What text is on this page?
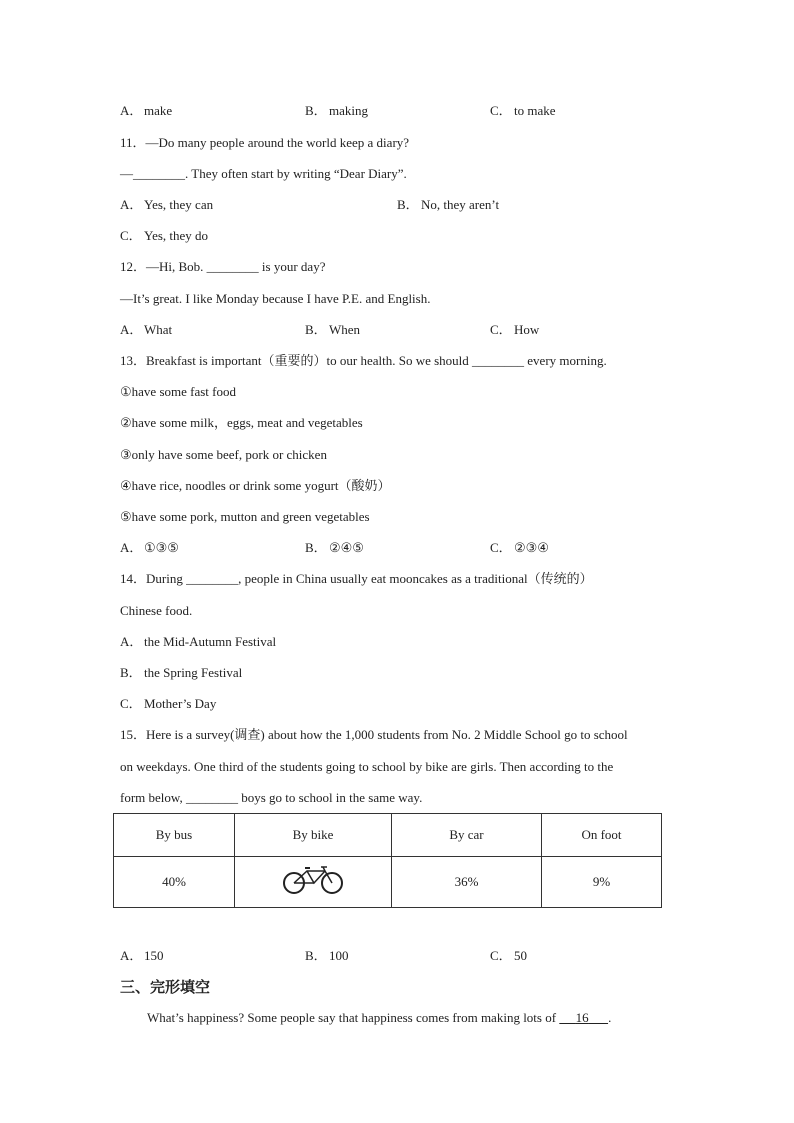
A． make	B． making	C． to make
11．—Do many people around the world keep a diary?
—________. They often start by writing “Dear Diary”.
A． Yes, they can	B． No, they aren’t
C． Yes, they do
12．—Hi, Bob. ________ is your day?
—It’s great. I like Monday because I have P.E. and English.
A． What	B． When	C． How
13．Breakfast is important（重要的）to our health. So we should ________ every morning.
①have some fast food
②have some milk，eggs, meat and vegetables
③only have some beef, pork or chicken
④have rice, noodles or drink some yogurt（酸奶）
⑤have some pork, mutton and green vegetables
A． ①③⑤	B． ②④⑤	C． ②③④
14．During ________, people in China usually eat mooncakes as a traditional（传统的）
Chinese food.
A． the Mid-Autumn Festival
B． the Spring Festival
C． Mother’s Day
15．Here is a survey(调查) about how the 1,000 students from No. 2 Middle School go to school
on weekdays. One third of the students going to school by bike are girls. Then according to the
form below, ________ boys go to school in the same way.
By bus	By bike	By car	On foot
40%		36%	9%
A． 150	B． 100	C． 50
三、完形填空
What’s happiness? Some people say that happiness comes from making lots of      16 .
